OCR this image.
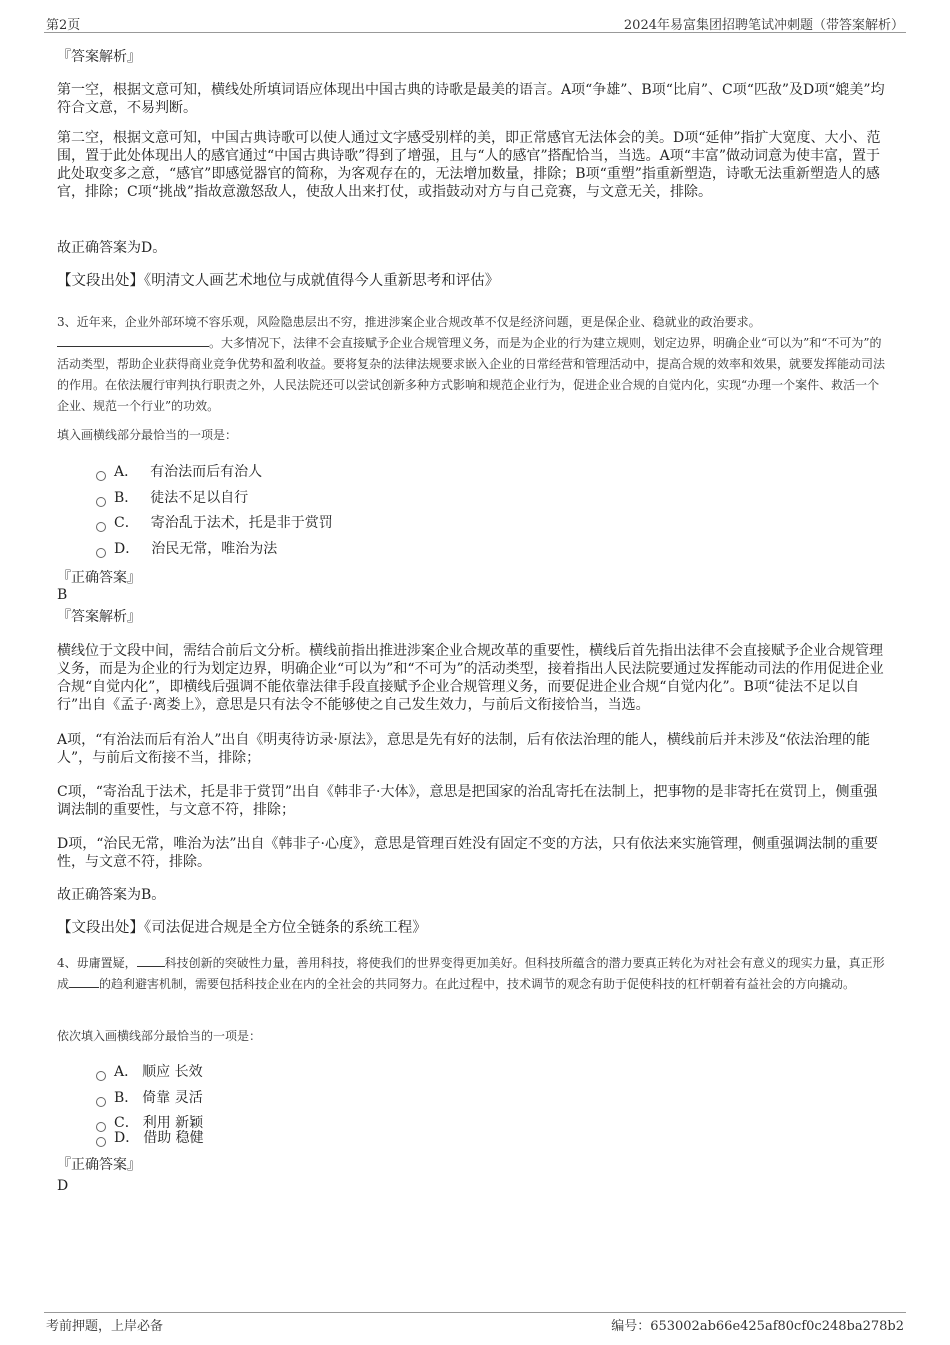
第2页	2024年易富集团招聘笔试冲刺题（带答案解析）
『答案解析』
第一空，根据文意可知，横线处所填词语应体现出中国古典的诗歌是最美的语言。A项“争雄”、B项“比肩”、C项“匹敌”及D项“媲美”均符合文意，不易判断。
第二空，根据文意可知，中国古典诗歌可以使人通过文字感受别样的美，即正常感官无法体会的美。D项“延伸”指扩大宽度、大小、范围，置于此处体现出人的感官通过“中国古典诗歌”得到了增强，且与“人的感官”搭配恰当，当选。A项“丰富”做动词意为使丰富，置于此处取变多之意，“感官”即感觉器官的简称，为客观存在的，无法增加数量，排除；B项“重塑”指重新塑造，诗歌无法重新塑造人的感官，排除；C项“挑战”指故意激怒敌人，使敌人出来打仗，或指鼓动对方与自己竞赛，与文意无关，排除。
故正确答案为D。
【文段出处】《明清文人画艺术地位与成就值得今人重新思考和评估》
3、近年来，企业外部环境不容乐观，风险隐患层出不穷，推进涉案企业合规改革不仅是经济问题，更是保企业、稳就业的政治要求。
。大多情况下，法律不会直接赋予企业合规管理义务，而是为企业的行为建立规则，划定边界，明确企业“可以为”和“不可为”的活动类型，帮助企业获得商业竞争优势和盈利收益。要将复杂的法律法规要求嵌入企业的日常经营和管理活动中，提高合规的效率和效果，就要发挥能动司法的作用。在依法履行审判执行职责之外，人民法院还可以尝试创新多种方式影响和规范企业行为，促进企业合规的自觉内化，实现“办理一个案件、救活一个企业、规范一个行业”的功效。
填入画横线部分最恰当的一项是：
A． 有治法而后有治人
B． 徒法不足以自行
C． 寄治乱于法术，托是非于赏罚
D． 治民无常，唯治为法
『正确答案』
B
『答案解析』
横线位于文段中间，需结合前后文分析。横线前指出推进涉案企业合规改革的重要性，横线后首先指出法律不会直接赋予企业合规管理义务，而是为企业的行为划定边界，明确企业“可以为”和“不可为”的活动类型，接着指出人民法院要通过发挥能动司法的作用促进企业合规“自觉内化”，即横线后强调不能依靠法律手段直接赋予企业合规管理义务，而要促进企业合规“自觉内化”。B项“徒法不足以自行”出自《孟子·离娄上》，意思是只有法令不能够使之自己发生效力，与前后文衔接恰当，当选。
A项，“有治法而后有治人”出自《明夷待访录·原法》，意思是先有好的法制，后有依法治理的能人，横线前后并未涉及“依法治理的能人”，与前后文衔接不当，排除；
C项，“寄治乱于法术，托是非于赏罚”出自《韩非子·大体》，意思是把国家的治乱寄托在法制上，把事物的是非寄托在赏罚上，侧重强调法制的重要性，与文意不符，排除；
D项，“治民无常，唯治为法”出自《韩非子·心度》，意思是管理百姓没有固定不变的方法，只有依法来实施管理，侧重强调法制的重要性，与文意不符，排除。
故正确答案为B。
【文段出处】《司法促进合规是全方位全链条的系统工程》
4、毋庸置疑， 科技创新的突破性力量，善用科技，将使我们的世界变得更加美好。但科技所蕴含的潜力要真正转化为对社会有意义的现实力量，真正形成	的趋利避害机制，需要包括科技企业在内的全社会的共同努力。在此过程中，技术调节的观念有助于促使科技的杠杆朝着有益社会的方向撬动。
依次填入画横线部分最恰当的一项是：
A． 顺应 长效
B． 倚靠 灵活
C． 利用 新颖
D． 借助 稳健
『正确答案』
D
考前押题，上岸必备	编号：653002ab66e425af80cf0c248ba278b2
